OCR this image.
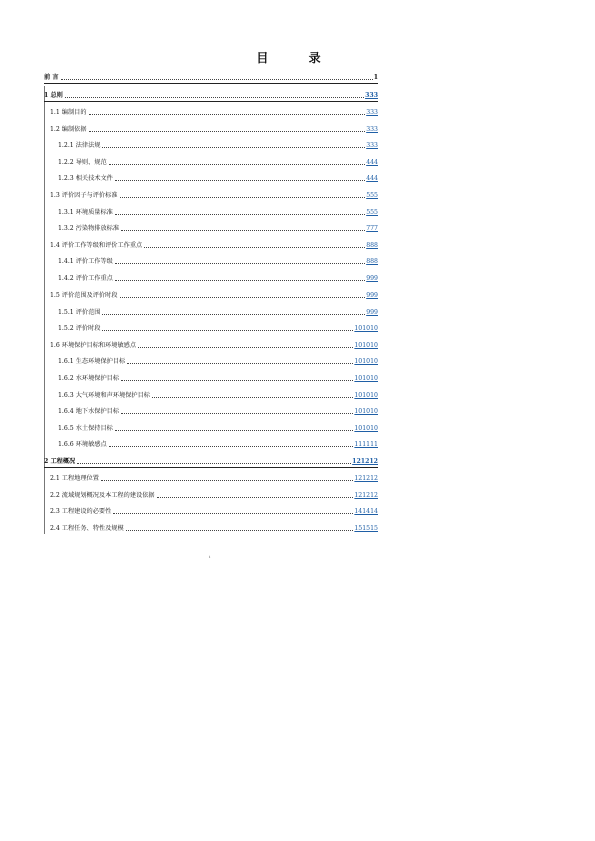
目 录
前 言	1
1 总则	333
1.1 编制目的	333
1.2 编制依据	333
1.2.1 法律法规	333
1.2.2 导则、规范	444
1.2.3 相关技术文件	444
1.3 评价因子与评价标准	555
1.3.1 环境质量标准	555
1.3.2 污染物排放标准	777
1.4 评价工作等级和评价工作重点	888
1.4.1 评价工作等级	888
1.4.2 评价工作重点	999
1.5 评价范围及评价时段	999
1.5.1 评价范围	999
1.5.2 评价时段	101010
1.6 环境保护目标和环境敏感点	101010
1.6.1 生态环境保护目标	101010
1.6.2 水环境保护目标	101010
1.6.3 大气环境和声环境保护目标	101010
1.6.4 地下水保护目标	101010
1.6.5 水土保持目标	101010
1.6.6 环境敏感点	111111
2 工程概况	121212
2.1 工程地理位置	121212
2.2 流域规划概况及本工程的建设依据	121212
2.3 工程建设的必要性	141414
2.4 工程任务、特性及规模	151515
i
